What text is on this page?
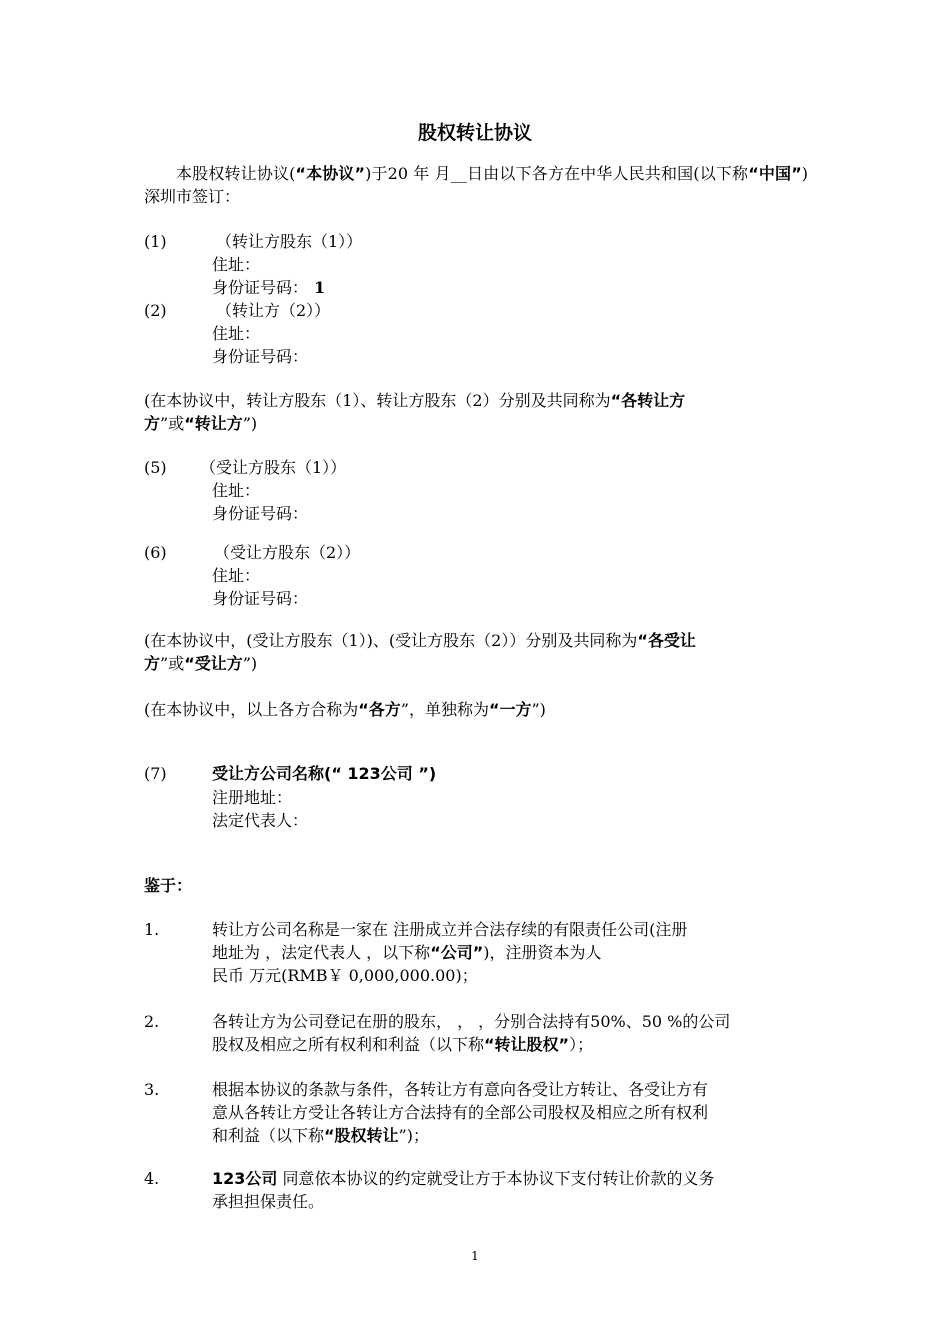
股权转让协议
本股权转让协议(“本协议”)于20 年 月__日由以下各方在中华人民共和国(以下称“中国”) 深圳市签订：
(1)	（转让方股东（1））
住址：
身份证号码： 1
(2)	（转让方（2））
住址：
身份证号码：
(在本协议中，转让方股东（1）、转让方股东（2）分别及共同称为“各转让方
方”或“转让方”)
(5) （受让方股东（1））
住址：
身份证号码：
(6)	（受让方股东（2））
住址：
身份证号码：
(在本协议中，(受让方股东（1）)、(受让方股东（2））分别及共同称为“各受让
方”或“受让方”)
(在本协议中，以上各方合称为“各方”，单独称为“一方”)
(7)	受让方公司名称(“ 123公司 ”)
注册地址：
法定代表人：
鉴于：
1.	转让方公司名称是一家在 注册成立并合法存续的有限责任公司(注册
地址为 ，法定代表人 ，以下称“公司”)，注册资本为人
民币 万元(RMB￥ 0,000,000.00)；
2.	各转让方为公司登记在册的股东， ， ，分别合法持有50%、50 %的公司
股权及相应之所有权利和利益（以下称“转让股权”）；
3.	根据本协议的条款与条件，各转让方有意向各受让方转让、各受让方有
意从各转让方受让各转让方合法持有的全部公司股权及相应之所有权利
和利益（以下称“股权转让”)；
4.	123公司 同意依本协议的约定就受让方于本协议下支付转让价款的义务
承担担保责任。
1
